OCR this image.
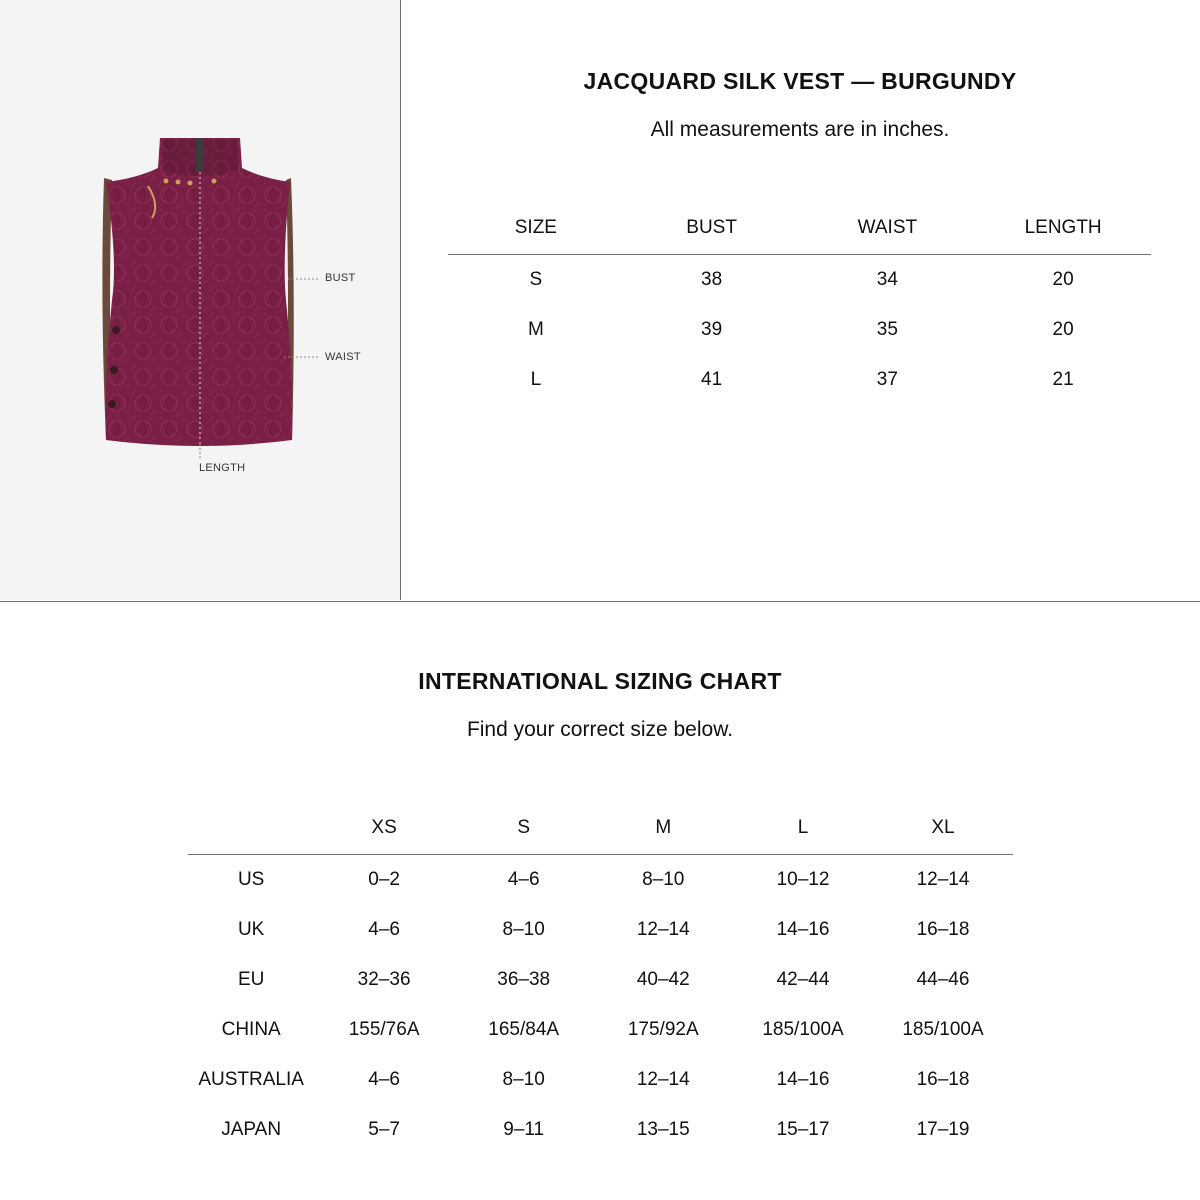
BUST
WAIST
LENGTH
JACQUARD SILK VEST — BURGUNDY
All measurements are in inches.
SIZE	BUST	WAIST	LENGTH
S	38	34	20
M	39	35	20
L	41	37	21
INTERNATIONAL SIZING CHART
Find your correct size below.
	XS	S	M	L	XL
US	0–2	4–6	8–10	10–12	12–14
UK	4–6	8–10	12–14	14–16	16–18
EU	32–36	36–38	40–42	42–44	44–46
CHINA	155/76A	165/84A	175/92A	185/100A	185/100A
AUSTRALIA	4–6	8–10	12–14	14–16	16–18
JAPAN	5–7	9–11	13–15	15–17	17–19
